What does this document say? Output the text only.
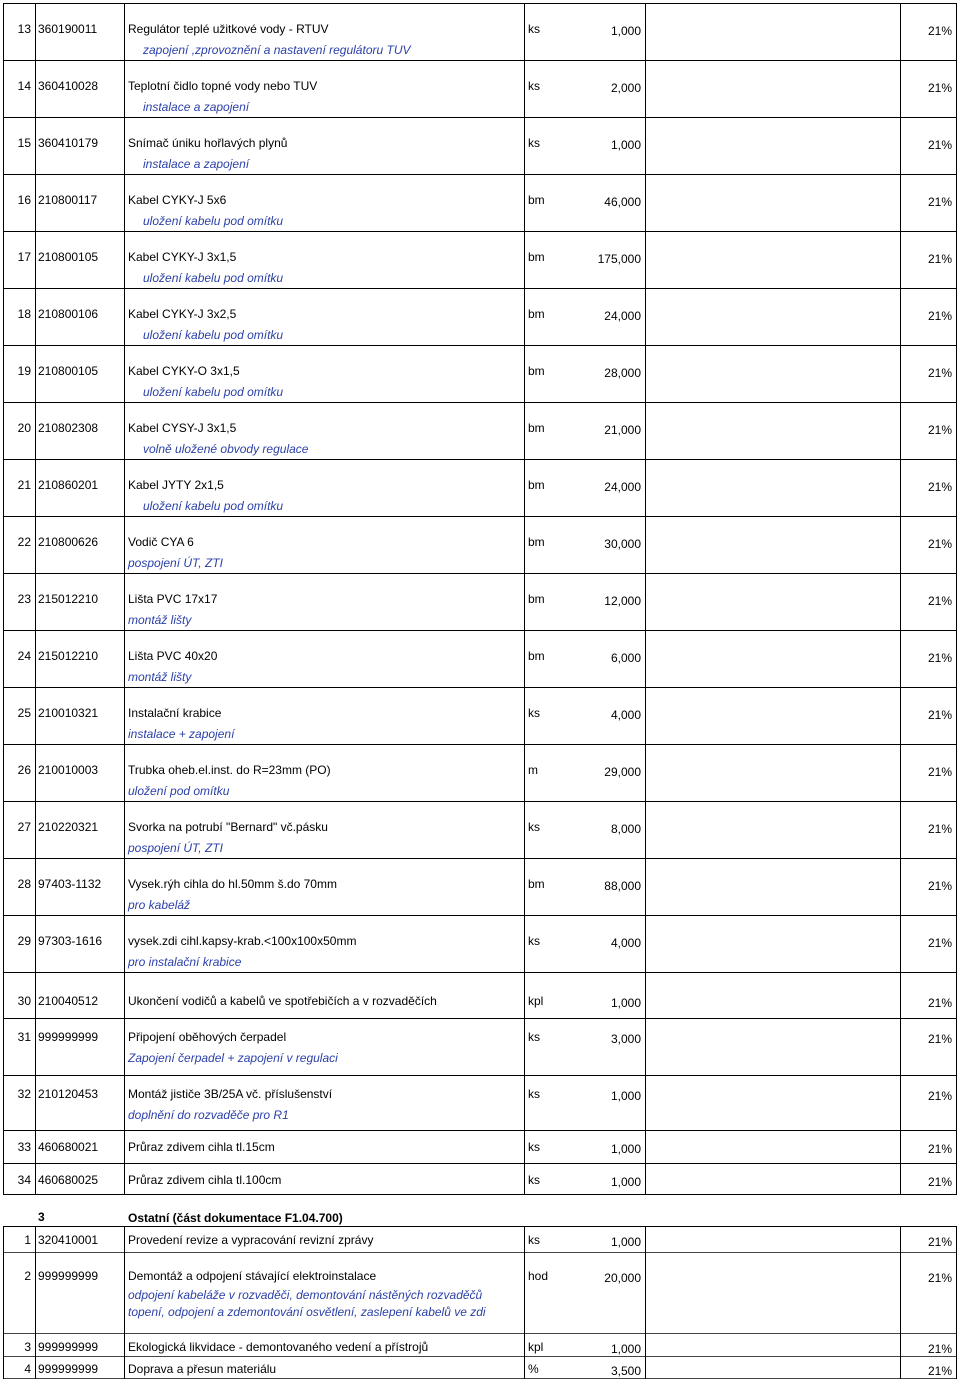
13 360190011	Regulátor teplé užitkové vody - RTUV	ks	1,000	21%
zapojení ,zprovoznění a nastavení regulátoru TUV
14 360410028 Teplotní čidlo topné vody nebo TUV	ks	2,000	21%
instalace a zapojení
15 360410179 Snímač úniku hořlavých plynů	ks	1,000	21%
instalace a zapojení
16 210800117	Kabel CYKY-J 5x6	bm	46,000	21%
uložení kabelu pod omítku
17 210800105 Kabel CYKY-J 3x1,5	bm	175,000	21%
uložení kabelu pod omítku
18 210800106 Kabel CYKY-J 3x2,5	bm	24,000	21%
uložení kabelu pod omítku
19 210800105 Kabel CYKY-O 3x1,5	bm	28,000	21%
uložení kabelu pod omítku
20 210802308 Kabel CYSY-J 3x1,5	bm	21,000	21%
volně uložené obvody regulace
21 210860201 Kabel JYTY 2x1,5	bm	24,000	21%
uložení kabelu pod omítku
22 210800626 Vodič CYA 6	bm	30,000	21%
pospojení ÚT, ZTI
23 215012210 Lišta PVC 17x17	bm	12,000	21%
montáž lišty
24 215012210 Lišta PVC 40x20	bm	6,000	21%
montáž lišty
25 210010321 Instalační krabice	ks	4,000	21%
instalace + zapojení
26 210010003 Trubka oheb.el.inst. do R=23mm (PO)	m	29,000	21%
uložení pod omítku
27 210220321 Svorka na potrubí "Bernard" vč.pásku	ks	8,000	21%
pospojení ÚT, ZTI
28 97403-1132 Vysek.rýh cihla do hl.50mm š.do 70mm	bm	88,000	21%
pro kabeláž
29 97303-1616 vysek.zdi cihl.kapsy-krab.<100x100x50mm	ks	4,000	21%
pro instalační krabice
30 210040512 Ukončení vodičů a kabelů ve spotřebičích a v rozvaděčích	kpl	1,000	21%
31 999999999 Připojení oběhových čerpadel	ks	3,000	21%
Zapojení čerpadel + zapojení v regulaci
32 210120453 Montáž jističe 3B/25A vč. příslušenství	ks	1,000	21%
doplnění do rozvaděče pro R1
33 460680021 Průraz zdivem cihla tl.15cm	ks	1,000	21%
34 460680025 Průraz zdivem cihla tl.100cm	ks	1,000	21%
3	Ostatní (část dokumentace F1.04.700)
1 320410001 Provedení revize a vypracování revizní zprávy	ks	1,000	21%
2 999999999 Demontáž a odpojení stávající elektroinstalace	hod	20,000	21%
odpojení kabeláže v rozvaděči, demontování nástěných rozvaděčů
topení, odpojení a zdemontování osvětlení, zaslepení kabelů ve zdi
3 999999999 Ekologická likvidace - demontovaného vedení a přístrojů	kpl	1,000	21%
4 999999999 Doprava a přesun materiálu	%	3,500	21%
